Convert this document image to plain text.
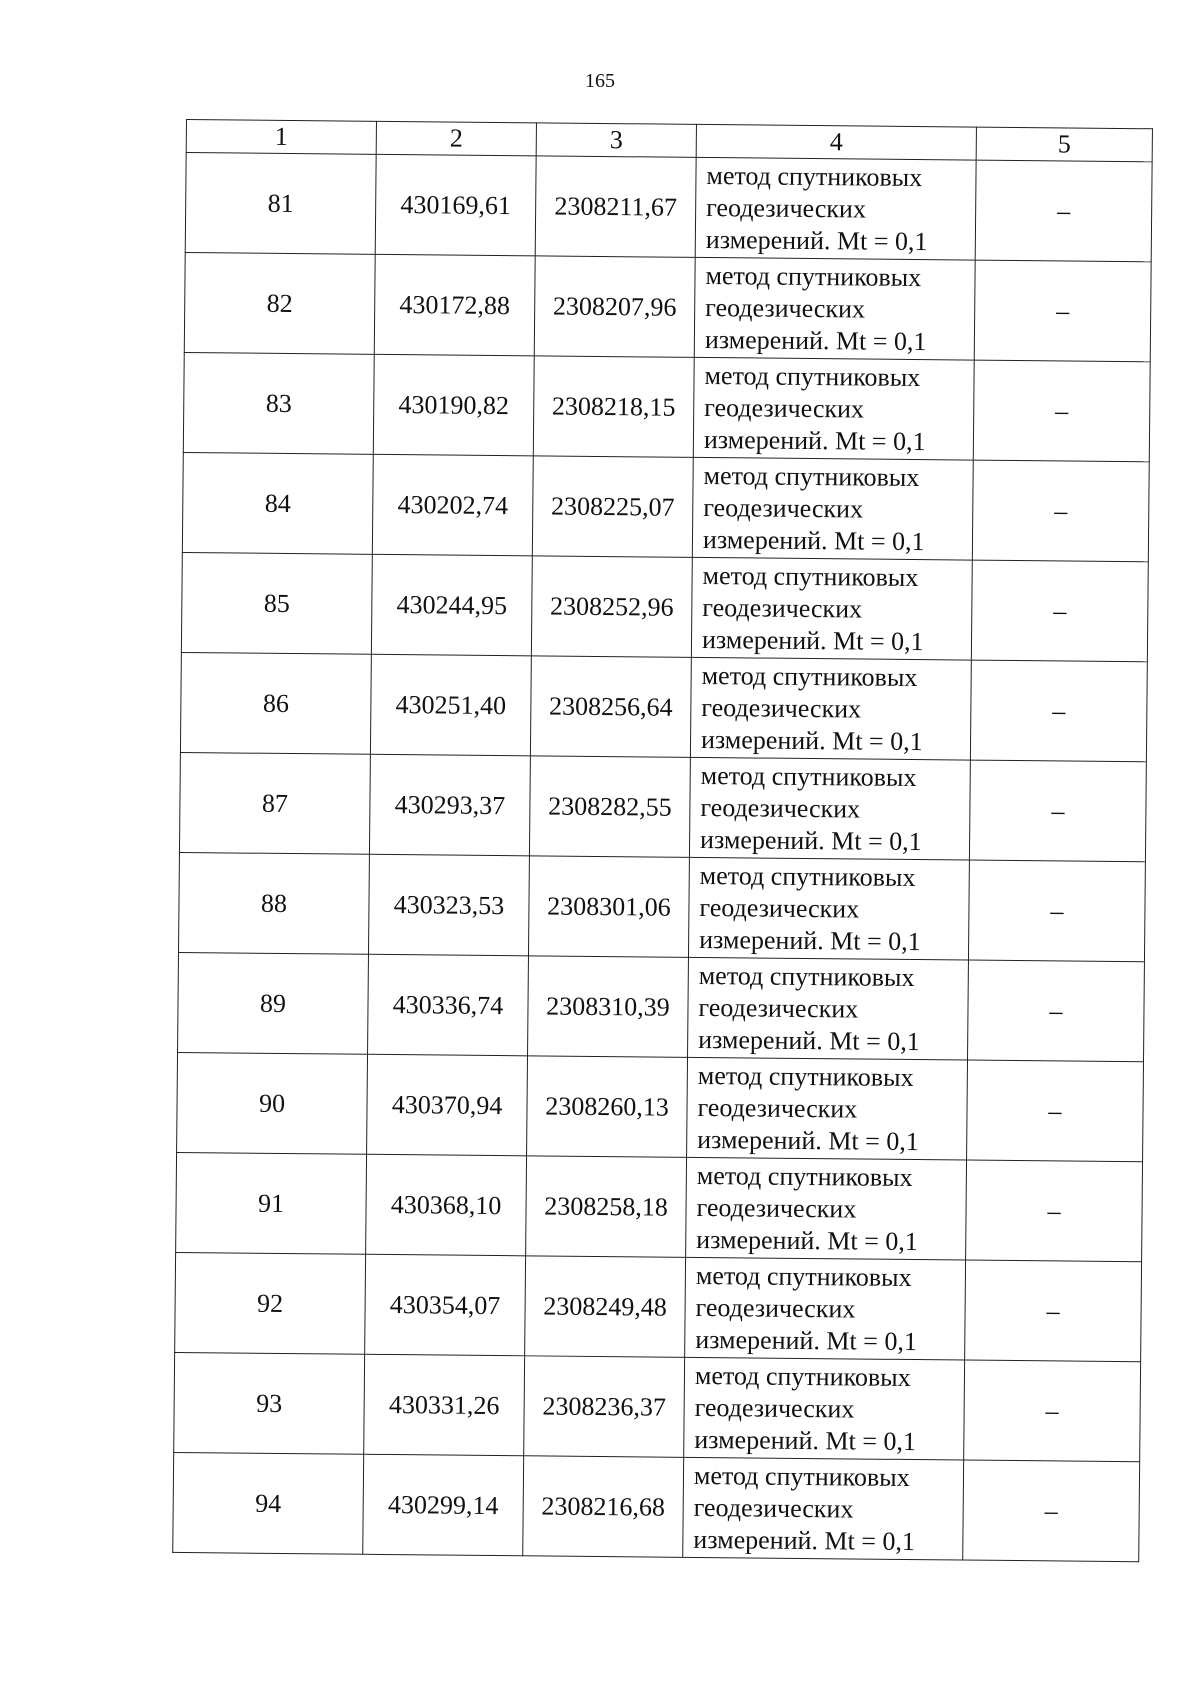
165
1	2	3	4	5
81	430169,61	2308211,67	метод спутниковых
геодезических
измерений. Mt = 0,1	–
82	430172,88	2308207,96	метод спутниковых
геодезических
измерений. Mt = 0,1	–
83	430190,82	2308218,15	метод спутниковых
геодезических
измерений. Mt = 0,1	–
84	430202,74	2308225,07	метод спутниковых
геодезических
измерений. Mt = 0,1	–
85	430244,95	2308252,96	метод спутниковых
геодезических
измерений. Mt = 0,1	–
86	430251,40	2308256,64	метод спутниковых
геодезических
измерений. Mt = 0,1	–
87	430293,37	2308282,55	метод спутниковых
геодезических
измерений. Mt = 0,1	–
88	430323,53	2308301,06	метод спутниковых
геодезических
измерений. Mt = 0,1	–
89	430336,74	2308310,39	метод спутниковых
геодезических
измерений. Mt = 0,1	–
90	430370,94	2308260,13	метод спутниковых
геодезических
измерений. Mt = 0,1	–
91	430368,10	2308258,18	метод спутниковых
геодезических
измерений. Mt = 0,1	–
92	430354,07	2308249,48	метод спутниковых
геодезических
измерений. Mt = 0,1	–
93	430331,26	2308236,37	метод спутниковых
геодезических
измерений. Mt = 0,1	–
94	430299,14	2308216,68	метод спутниковых
геодезических
измерений. Mt = 0,1	–
